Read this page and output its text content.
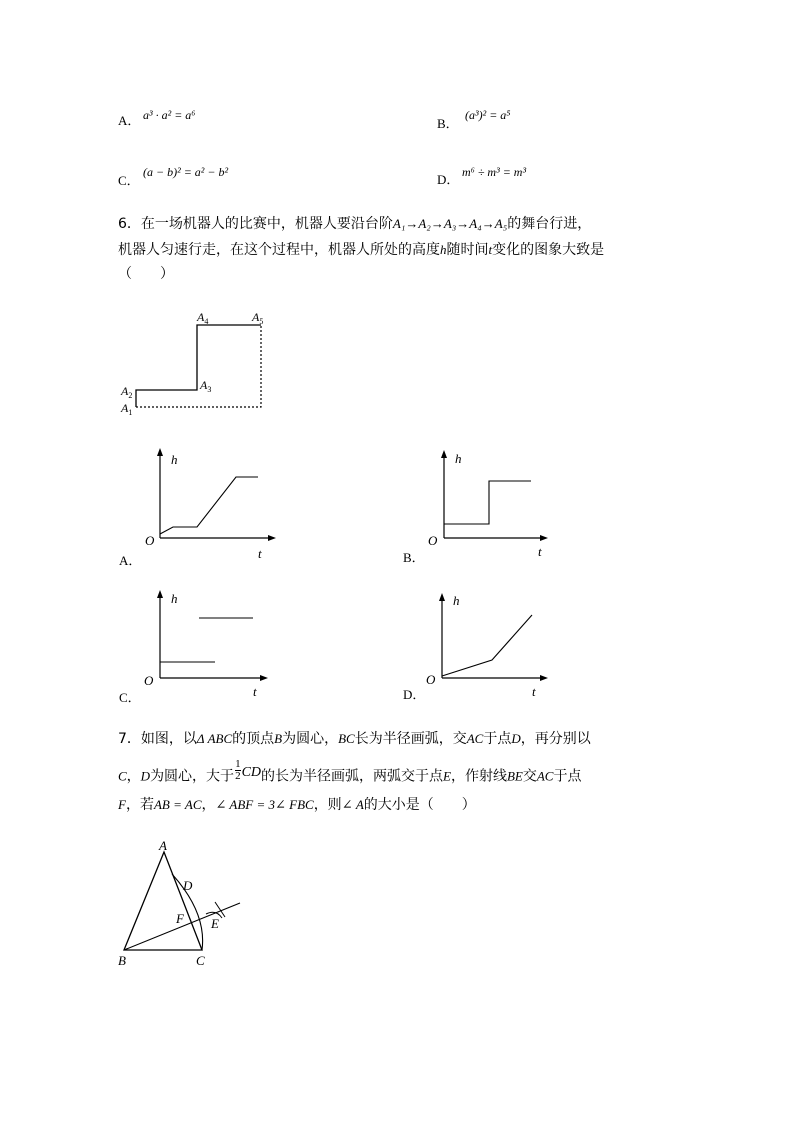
A． a³ · a² = a⁶
B．
(a³)² = a⁵
C．
(a − b)² = a² − b²	D． m⁶ ÷ m³ = m³
6．在一场机器人的比赛中，机器人要沿台阶A₁→A₂→A₃→A₄→A₅的舞台行进，
机器人匀速行走，在这个过程中，机器人所处的高度h随时间t变化的图象大致是
（　　）
$A_2$
$A_1$
$A_3$
$A_4$	$A_5$
h
O
t
A．
h
O
t
B．
h
O
t
C．
h
O
t
D．
7．如图，以Δ ABC的顶点B为圆心，BC长为半径画弧，交AC于点D，再分别以
C，D为圆心，大于 $\frac{1}{2}$ CD的长为半径画弧，两弧交于点E，作射线BE交AC于点
F，若AB = AC，∠ ABF = 3∠ FBC，则∠ A的大小是（　　）
A
B	C
D
F E
